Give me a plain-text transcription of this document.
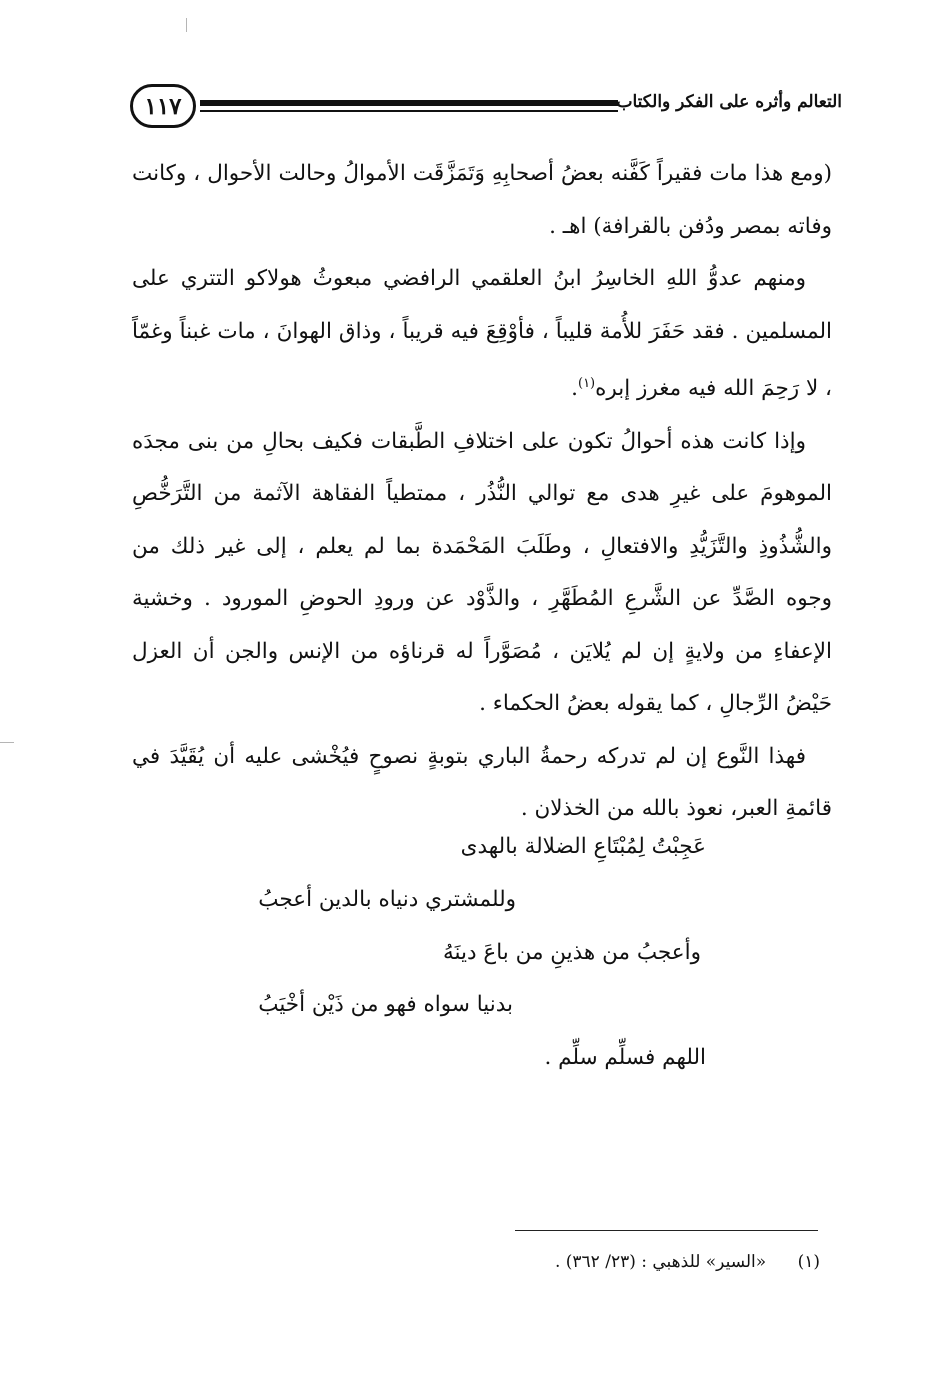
١١٧	التعالم وأثره على الفكر والكتاب

(ومع هذا مات فقيراً كَفَّنه بعضُ أصحابِهِ وَتَمَزَّقَت الأموالُ وحالت الأحوال ، وكانت وفاته بمصر ودُفن بالقرافة) اهـ .

ومنهم عدوُّ اللهِ الخاسِرُ ابنُ العلقمي الرافضي مبعوثُ هولاكو التتري على المسلمين . فقد حَفَرَ للأُمة قليباً ، فأوْقِعَ فيه قريباً ، وذاق الهوانَ ، مات غبناً وغمّاً ، لا رَحِمَ الله فيه مغرز إبره$^{(١)}$.

وإذا كانت هذه أحوالُ تكون على اختلافِ الطَّبقات فكيف بحالِ من بنى مجدَه الموهومَ على غيرِ هدى مع توالي النُّذُر ، ممتطياً الفقاهة الآثمة من التَّرَخُّصِ والشُّذُوذِ والتَّزَيُّدِ والافتعالِ ، وطَلَبَ المَحْمَدة بما لم يعلم ، إلى غير ذلك من وجوه الصَّدِّ عن الشَّرعِ المُطَهَّرِ ، والذَّوْد عن ورودِ الحوضِ المورود . وخشية الإعفاءِ من ولايةٍ إن لم يُلايَن ، مُصَوَّراً له قرناؤه من الإنس والجن أن العزل حَيْضُ الرِّجالِ ، كما يقوله بعضُ الحكماء .

فهذا النَّوع إن لم تدركه رحمةُ الباري بتوبةٍ نصوحٍ فيُخْشى عليه أن يُقَيَّدَ في قائمةِ العبر، نعوذ بالله من الخذلان .

عَجِبْتُ لِمُبْتَاعِ الضلالة بالهدى
وللمشتري دنياه بالدين أعجبُ
وأعجبُ من هذينِ من باعَ دينَهُ
بدنيا سواه فهو من ذَيْن أخْيَبُ
اللهم فسلِّم سلِّم .
(١) «السير» للذهبي : (٢٣/ ٣٦٢) .
